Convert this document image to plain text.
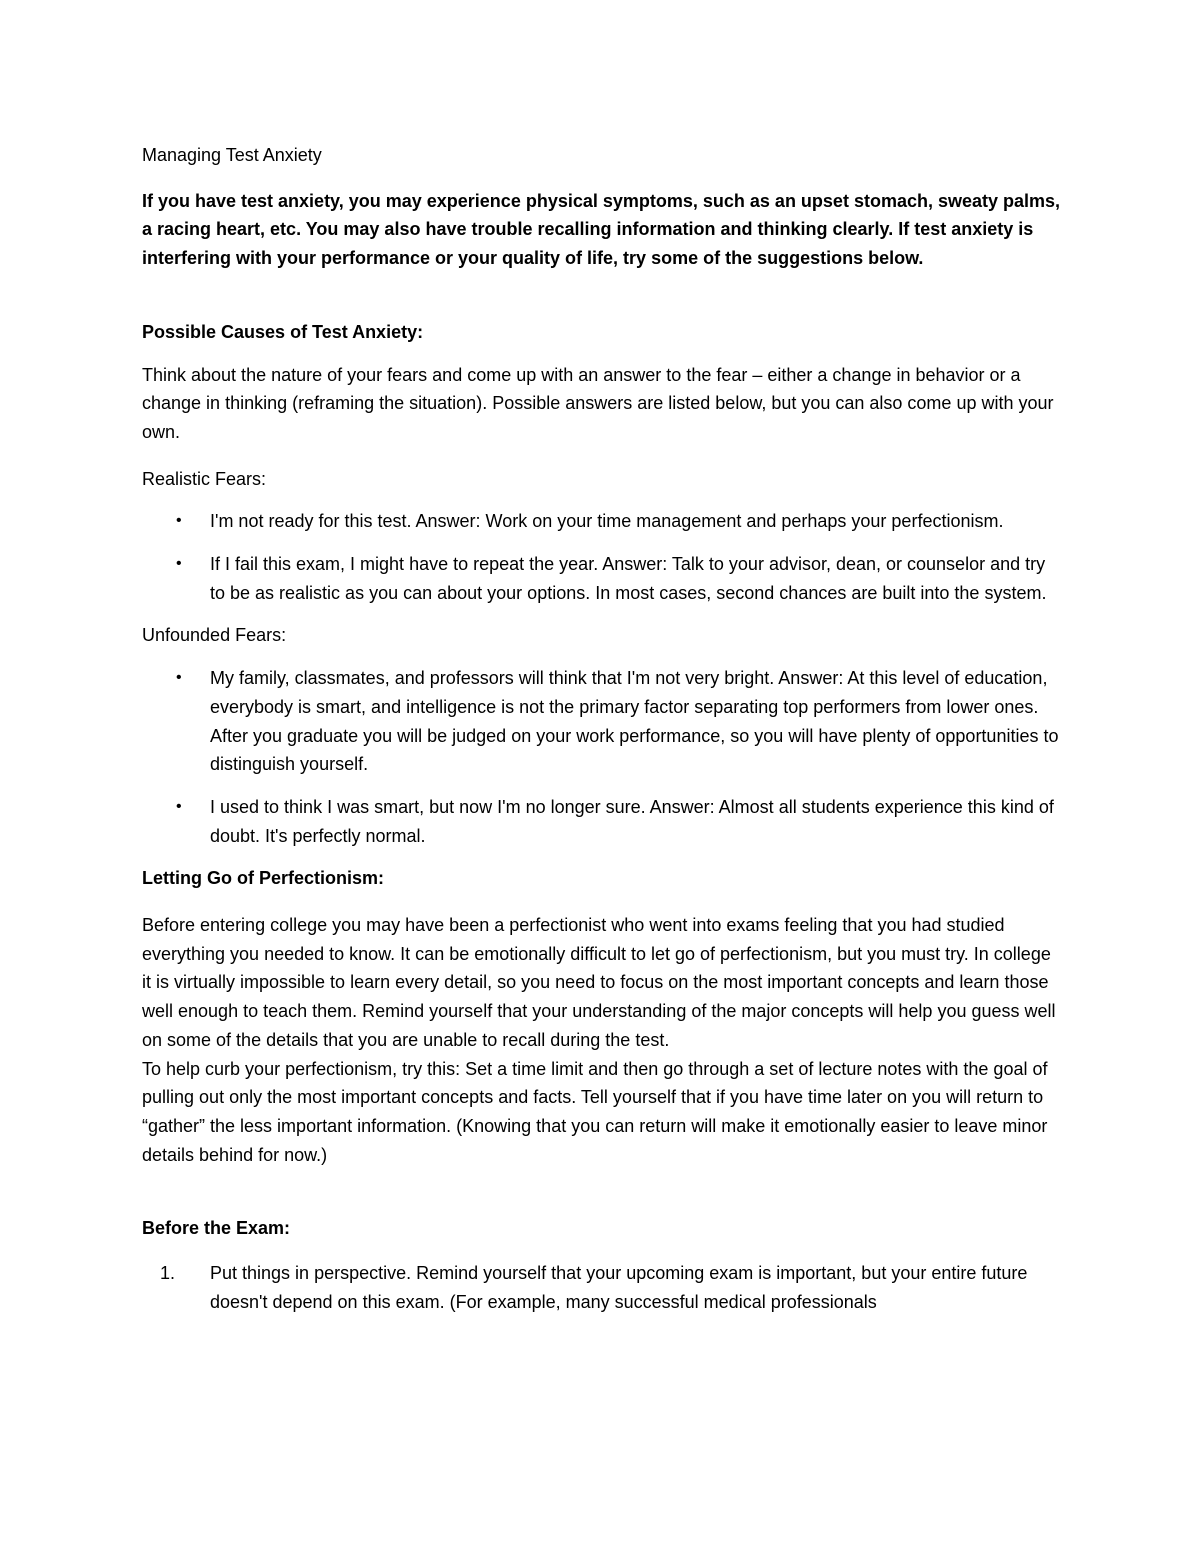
Managing Test Anxiety

If you have test anxiety, you may experience physical symptoms, such as an upset stomach, sweaty palms, a racing heart, etc. You may also have trouble recalling information and thinking clearly. If test anxiety is interfering with your performance or your quality of life, try some of the suggestions below.

Possible Causes of Test Anxiety:

Think about the nature of your fears and come up with an answer to the fear – either a change in behavior or a change in thinking (reframing the situation). Possible answers are listed below, but you can also come up with your own.

Realistic Fears:

• I'm not ready for this test. Answer: Work on your time management and perhaps your perfectionism.
• If I fail this exam, I might have to repeat the year. Answer: Talk to your advisor, dean, or counselor and try to be as realistic as you can about your options. In most cases, second chances are built into the system.

Unfounded Fears:

• My family, classmates, and professors will think that I'm not very bright. Answer: At this level of education, everybody is smart, and intelligence is not the primary factor separating top performers from lower ones. After you graduate you will be judged on your work performance, so you will have plenty of opportunities to distinguish yourself.
• I used to think I was smart, but now I'm no longer sure. Answer: Almost all students experience this kind of doubt. It's perfectly normal.

Letting Go of Perfectionism:

Before entering college you may have been a perfectionist who went into exams feeling that you had studied everything you needed to know. It can be emotionally difficult to let go of perfectionism, but you must try. In college it is virtually impossible to learn every detail, so you need to focus on the most important concepts and learn those well enough to teach them. Remind yourself that your understanding of the major concepts will help you guess well on some of the details that you are unable to recall during the test.

To help curb your perfectionism, try this: Set a time limit and then go through a set of lecture notes with the goal of pulling out only the most important concepts and facts. Tell yourself that if you have time later on you will return to “gather” the less important information. (Knowing that you can return will make it emotionally easier to leave minor details behind for now.)

Before the Exam:

1. Put things in perspective. Remind yourself that your upcoming exam is important, but your entire future doesn't depend on this exam. (For example, many successful medical professionals
